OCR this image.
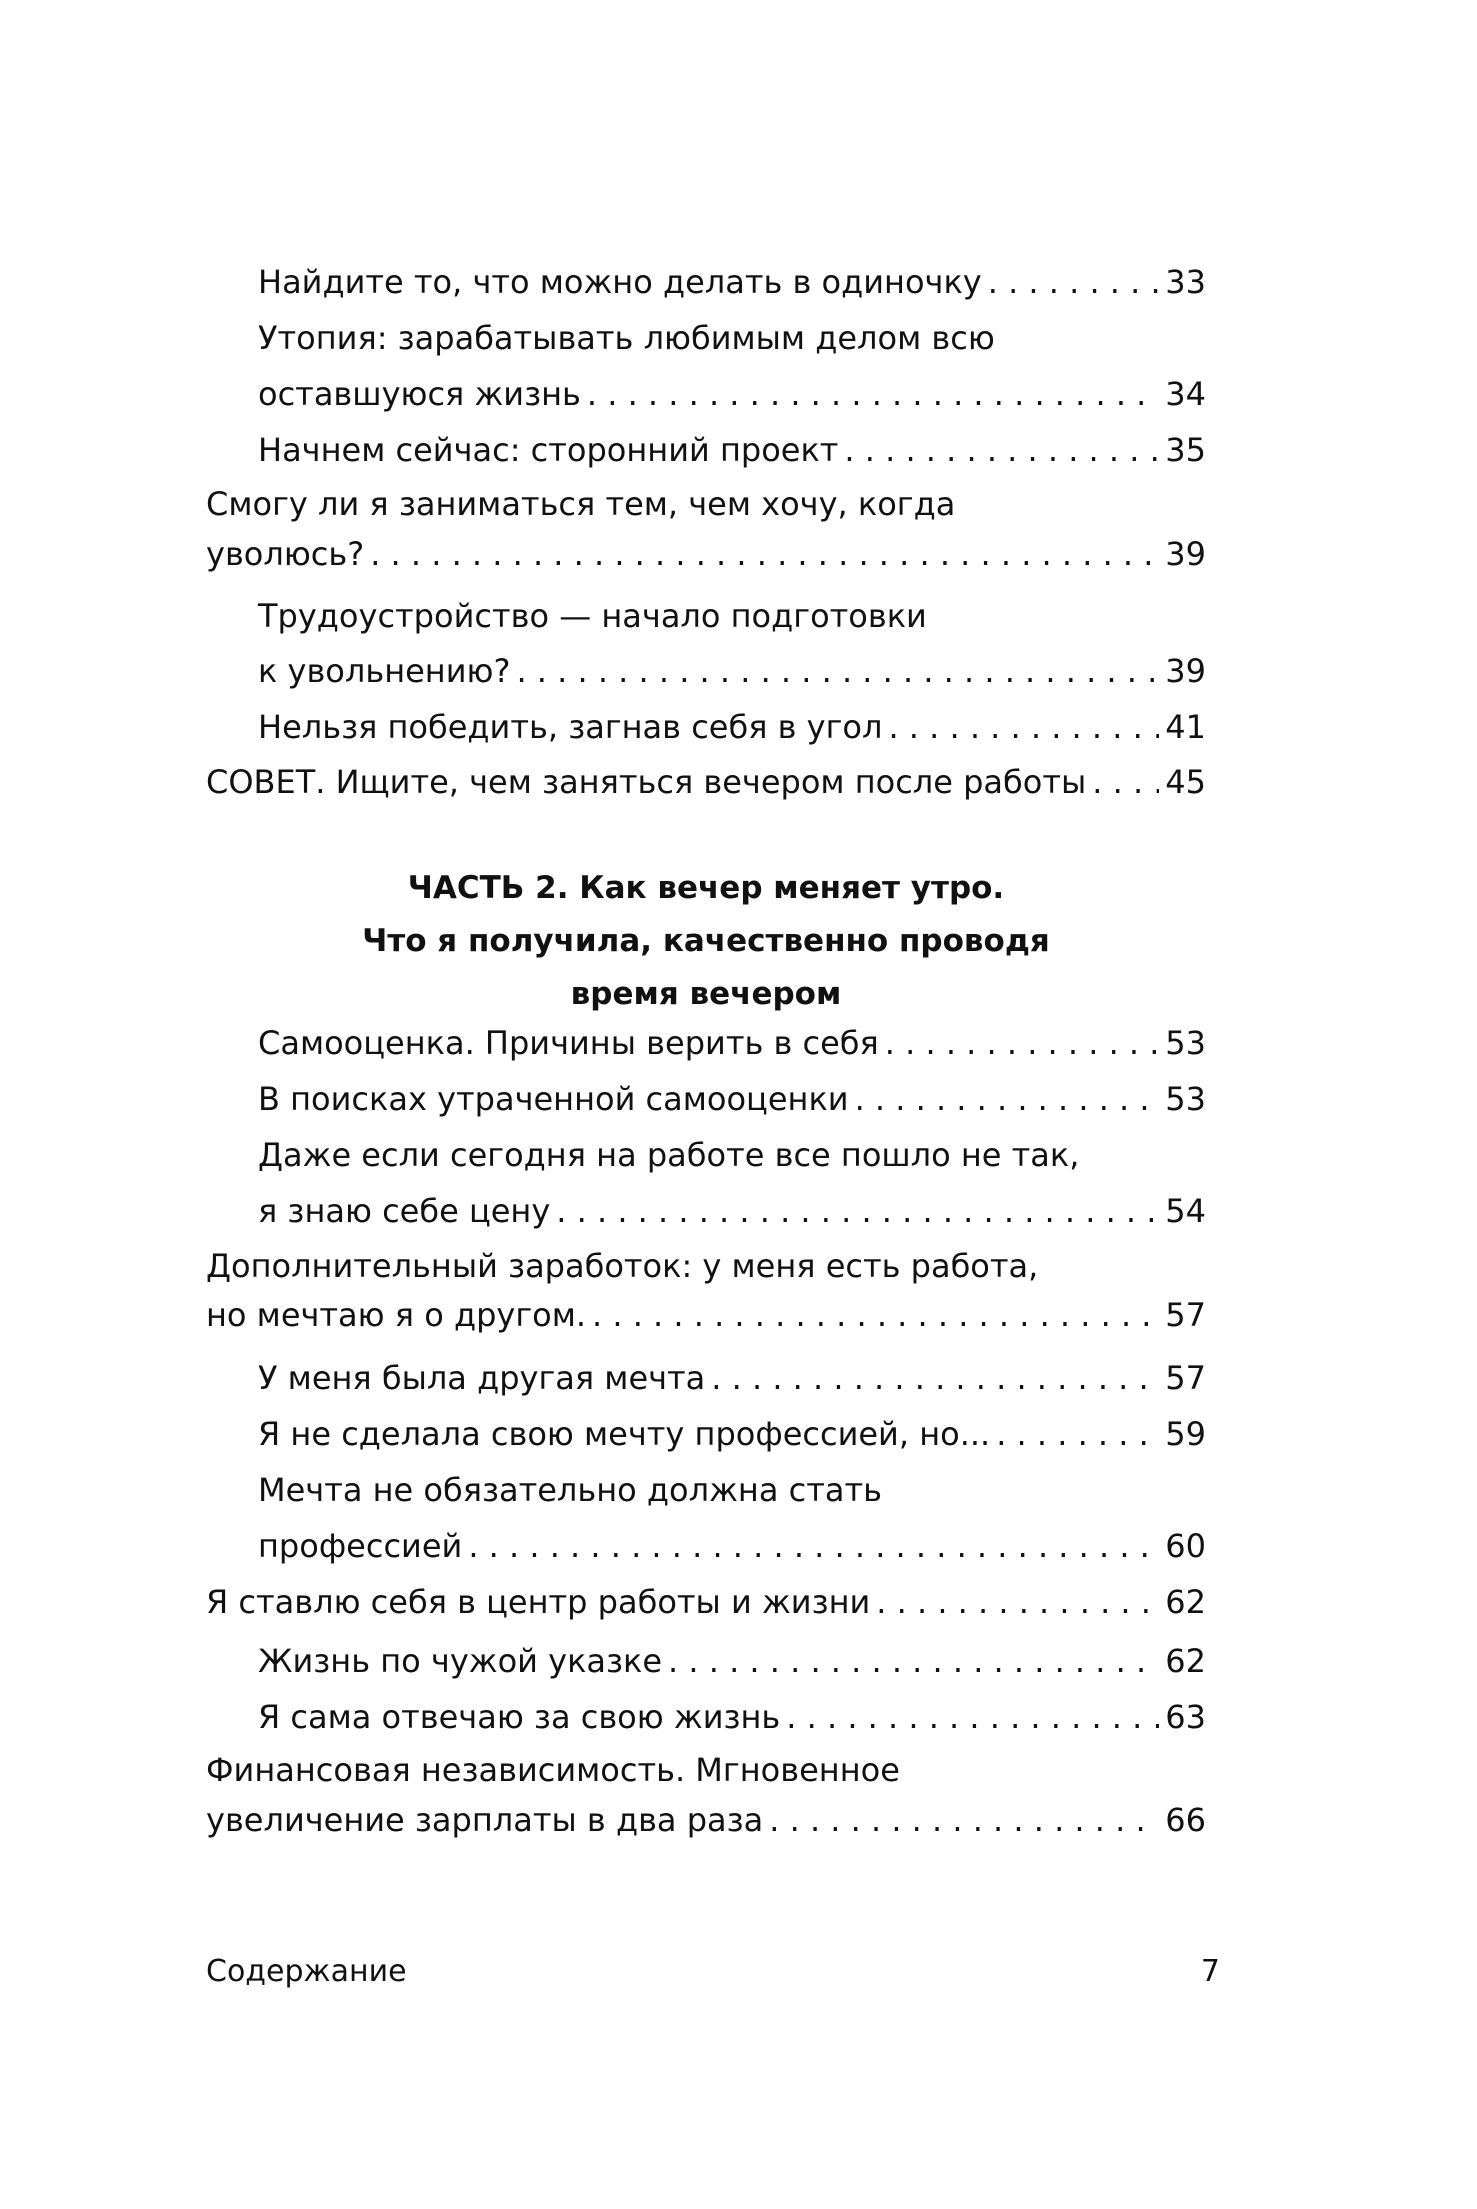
Найдите то, что можно делать в одиночку . . .	33
Утопия: зарабатывать любимым делом всю
оставшуюся жизнь . . .	34
Начнем сейчас: сторонний проект . . .	35
Смогу ли я заниматься тем, чем хочу, когда
уволюсь? . . .	39
Трудоустройство — начало подготовки
к увольнению? . . .	39
Нельзя победить, загнав себя в угол . . .	41
СОВЕТ. Ищите, чем заняться вечером после работы . . . 45
ЧАСТЬ 2. Как вечер меняет утро.
Что я получила, качественно проводя
время вечером
Самооценка. Причины верить в себя . . .	53
В поисках утраченной самооценки . . .	53
Даже если сегодня на работе все пошло не так,
я знаю себе цену . . .	54
Дополнительный заработок: у меня есть работа,
но мечтаю я о другом. . . .	57
У меня была другая мечта . . .	57
Я не сделала свою мечту профессией, но... . . .	59
Мечта не обязательно должна стать
профессией . . .	60
Я ставлю себя в центр работы и жизни . . .	62
Жизнь по чужой указке . . .	62
Я сама отвечаю за свою жизнь . . .	63
Финансовая независимость. Мгновенное
увеличение зарплаты в два раза . . .	66
Содержание	7
